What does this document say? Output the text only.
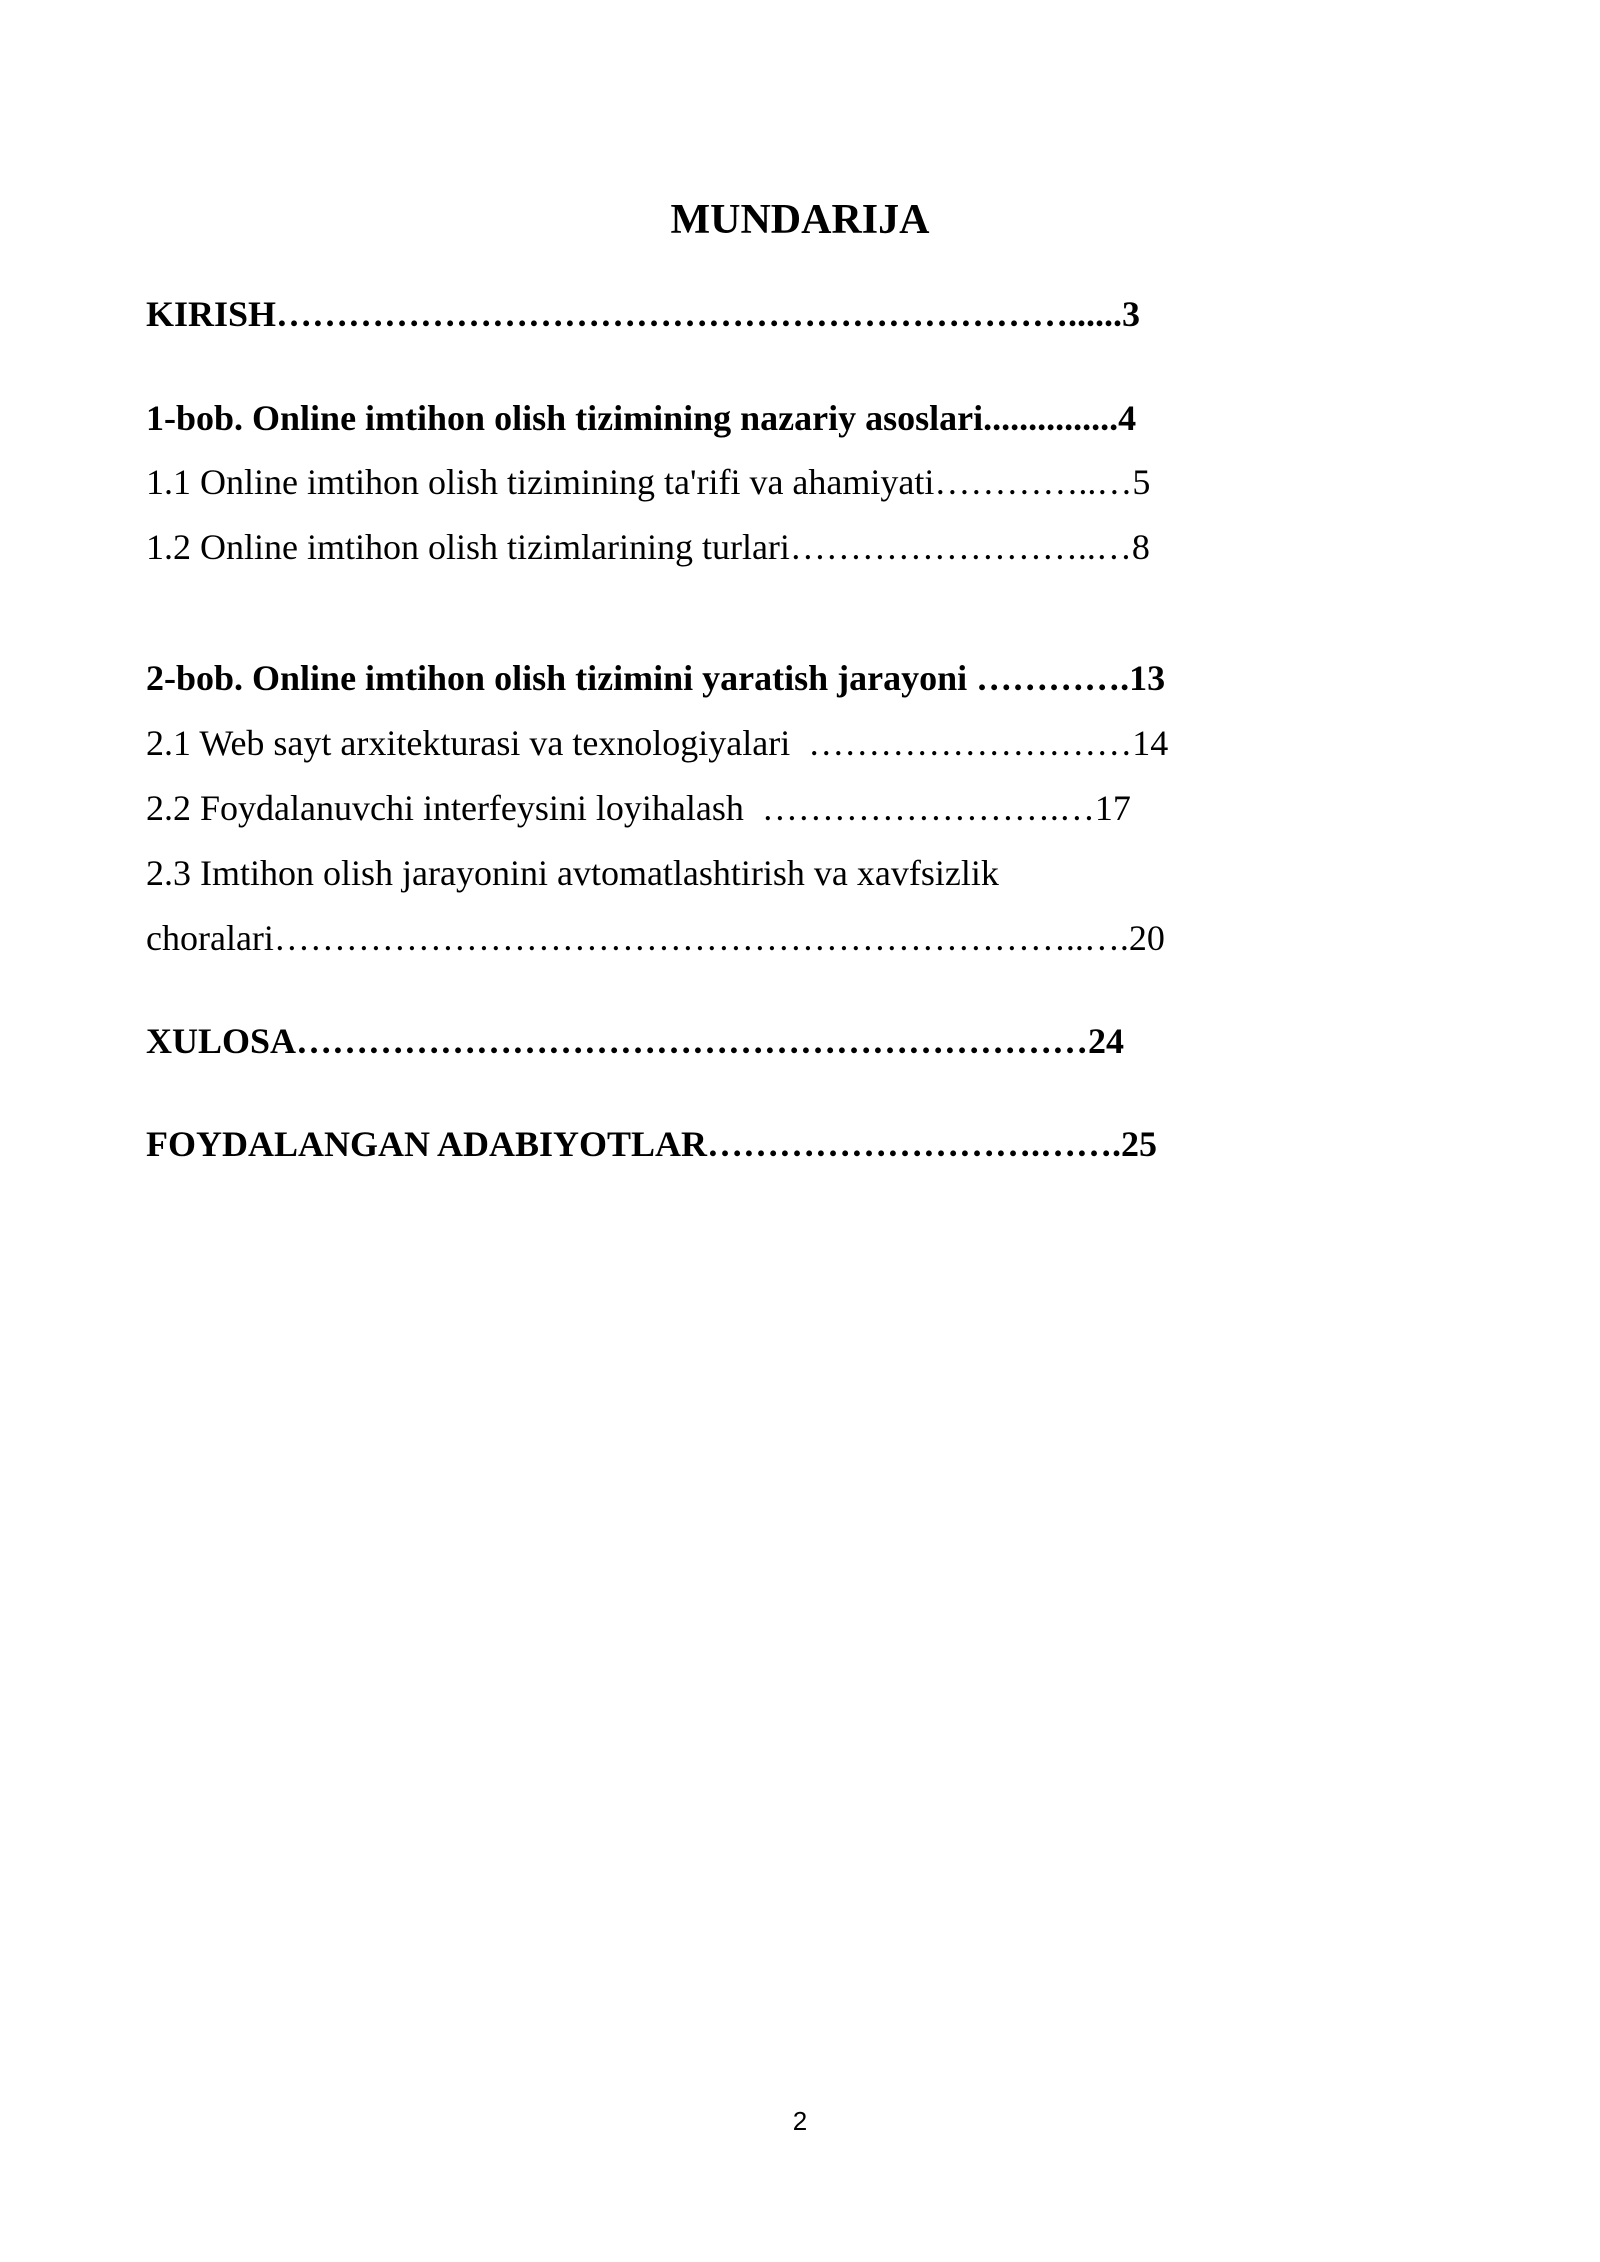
MUNDARIJA
KIRISH…………………………………………………………......3
1-bob. Online imtihon olish tizimining nazariy asoslari...............4
1.1 Online imtihon olish tizimining ta'rifi va ahamiyati…………..…5
1.2 Online imtihon olish tizimlarining turlari……………………..…8
2-bob. Online imtihon olish tizimini yaratish jarayoni ………….13
2.1 Web sayt arxitekturasi va texnologiyalari  ………………………14
2.2 Foydalanuvchi interfeysini loyihalash  …………………….…17
2.3 Imtihon olish jarayonini avtomatlashtirish va xavfsizlik
choralari…………………………………………………………..….20
XULOSA…………………………………………………………24
FOYDALANGAN ADABIYOTLAR……………………….…….25
2
